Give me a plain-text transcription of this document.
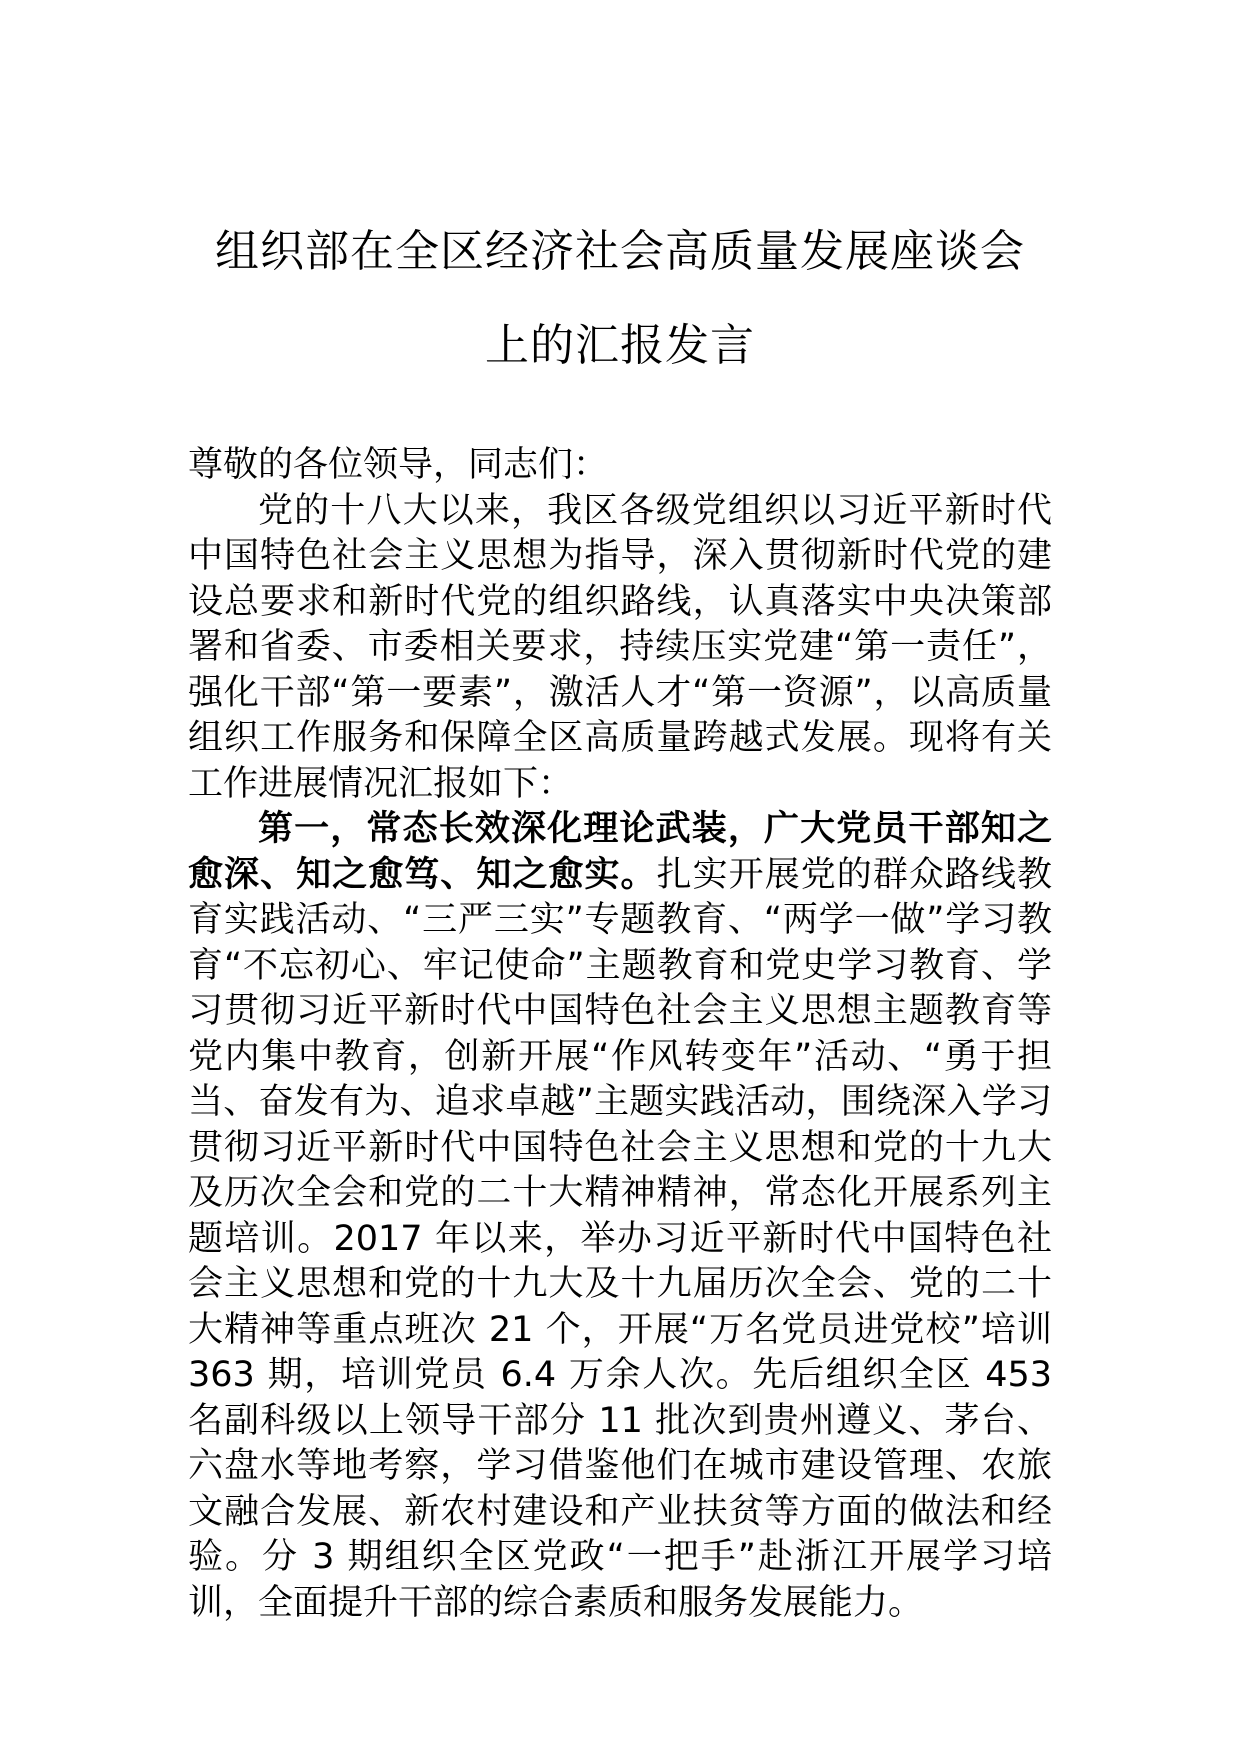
组织部在全区经济社会高质量发展座谈会
上的汇报发言

尊敬的各位领导，同志们：

党的十八大以来，我区各级党组织以习近平新时代中国特色社会主义思想为指导，深入贯彻新时代党的建设总要求和新时代党的组织路线，认真落实中央决策部署和省委、市委相关要求，持续压实党建“第一责任”，强化干部“第一要素”，激活人才“第一资源”，以高质量组织工作服务和保障全区高质量跨越式发展。现将有关工作进展情况汇报如下：

第一，常态长效深化理论武装，广大党员干部知之愈深、知之愈笃、知之愈实。扎实开展党的群众路线教育实践活动、“三严三实”专题教育、“两学一做”学习教育“不忘初心、牢记使命”主题教育和党史学习教育、学习贯彻习近平新时代中国特色社会主义思想主题教育等党内集中教育，创新开展“作风转变年”活动、“勇于担当、奋发有为、追求卓越”主题实践活动，围绕深入学习贯彻习近平新时代中国特色社会主义思想和党的十九大及历次全会和党的二十大精神精神，常态化开展系列主题培训。2017 年以来，举办习近平新时代中国特色社会主义思想和党的十九大及十九届历次全会、党的二十大精神等重点班次 21 个，开展“万名党员进党校”培训 363 期，培训党员 6.4 万余人次。先后组织全区 453 名副科级以上领导干部分 11 批次到贵州遵义、茅台、六盘水等地考察，学习借鉴他们在城市建设管理、农旅文融合发展、新农村建设和产业扶贫等方面的做法和经验。分 3 期组织全区党政“一把手”赴浙江开展学习培训，全面提升干部的综合素质和服务发展能力。
